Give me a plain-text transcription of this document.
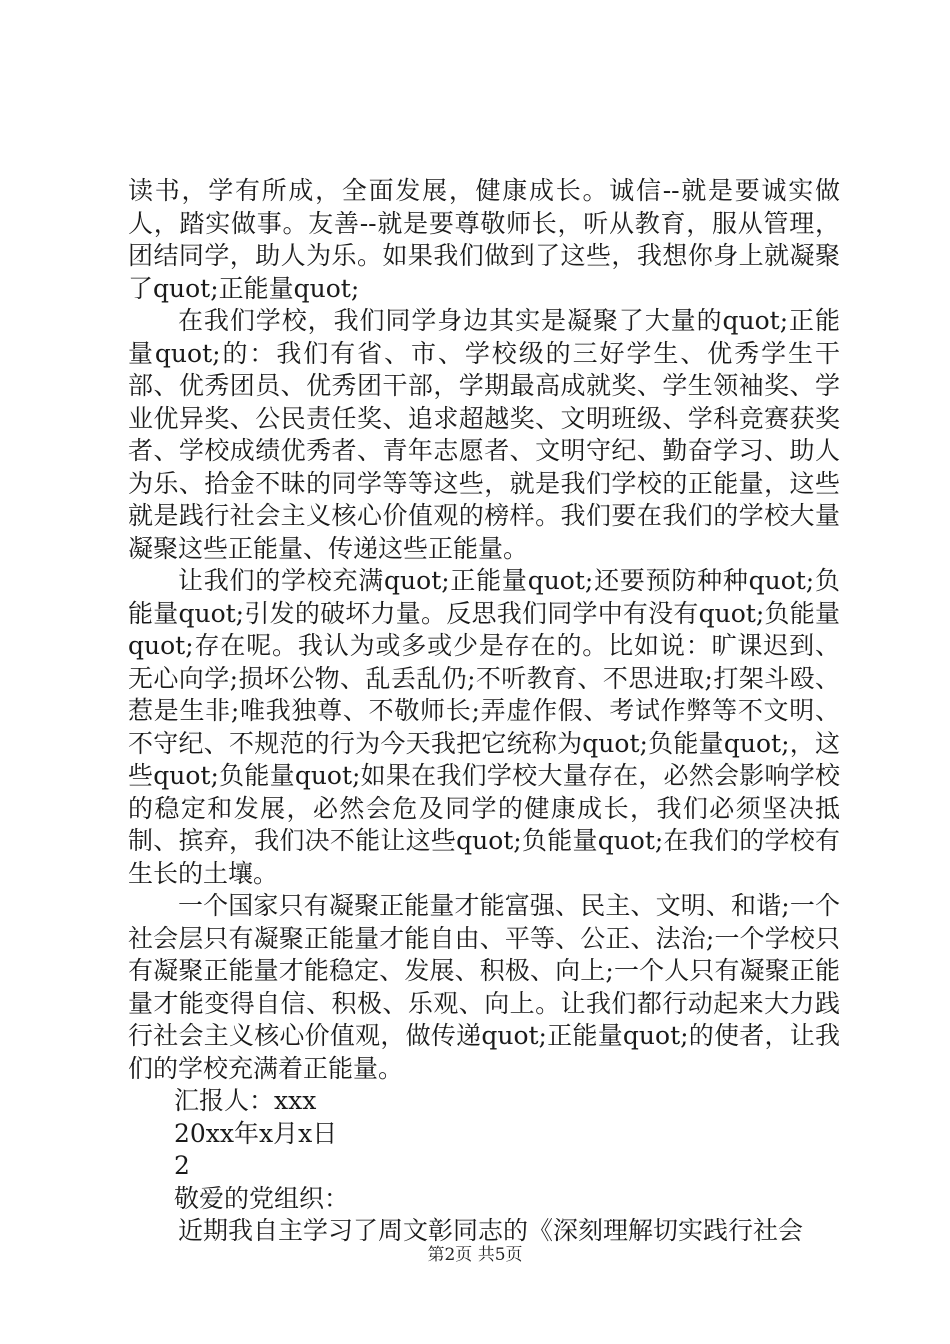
读书，学有所成，全面发展，健康成长。诚信--就是要诚实做人，踏实做事。友善--就是要尊敬师长，听从教育，服从管理，团结同学，助人为乐。如果我们做到了这些，我想你身上就凝聚了quot;正能量quot;

在我们学校，我们同学身边其实是凝聚了大量的quot;正能量quot;的：我们有省、市、学校级的三好学生、优秀学生干部、优秀团员、优秀团干部，学期最高成就奖、学生领袖奖、学业优异奖、公民责任奖、追求超越奖、文明班级、学科竞赛获奖者、学校成绩优秀者、青年志愿者、文明守纪、勤奋学习、助人为乐、拾金不昧的同学等等这些，就是我们学校的正能量，这些就是践行社会主义核心价值观的榜样。我们要在我们的学校大量凝聚这些正能量、传递这些正能量。

让我们的学校充满quot;正能量quot;还要预防种种quot;负能量quot;引发的破坏力量。反思我们同学中有没有quot;负能量quot;存在呢。我认为或多或少是存在的。比如说：旷课迟到、无心向学;损坏公物、乱丢乱仍;不听教育、不思进取;打架斗殴、惹是生非;唯我独尊、不敬师长;弄虚作假、考试作弊等不文明、不守纪、不规范的行为今天我把它统称为quot;负能量quot;，这些quot;负能量quot;如果在我们学校大量存在，必然会影响学校的稳定和发展，必然会危及同学的健康成长，我们必须坚决抵制、摈弃，我们决不能让这些quot;负能量quot;在我们的学校有生长的土壤。

一个国家只有凝聚正能量才能富强、民主、文明、和谐;一个社会层只有凝聚正能量才能自由、平等、公正、法治;一个学校只有凝聚正能量才能稳定、发展、积极、向上;一个人只有凝聚正能量才能变得自信、积极、乐观、向上。让我们都行动起来大力践行社会主义核心价值观，做传递quot;正能量quot;的使者，让我们的学校充满着正能量。

汇报人：xxx

20xx年x月x日

2

敬爱的党组织：

近期我自主学习了周文彰同志的《深刻理解切实践行社会

第2页 共5页
